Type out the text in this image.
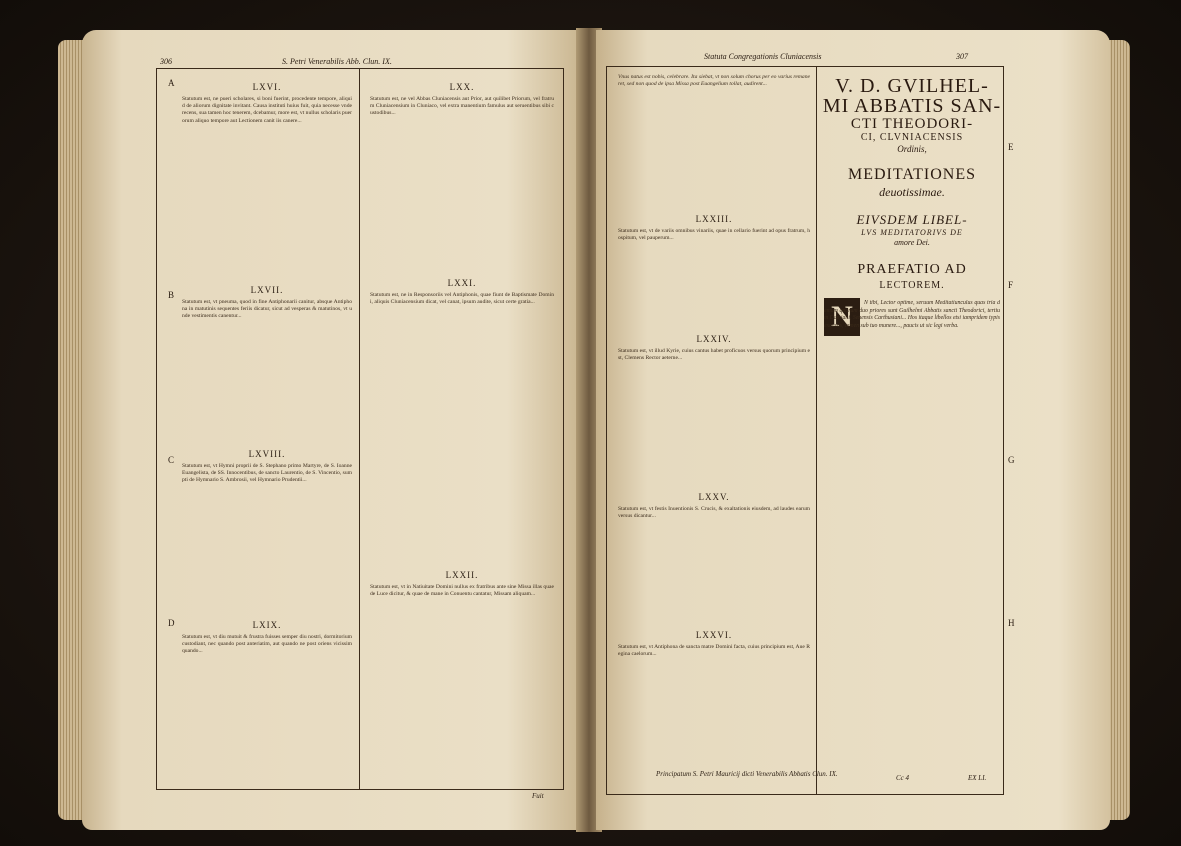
306	S. Petri Venerabilis Abb. Clun. IX.
A
B
C
D
LXVI.
Statutum est, ne pueri scholares, si boni fuerint, procedente tempore, aliquid de aliorum dignitate invitant. Causa instituti huius fuit, quia necesse vnde recens, sua tamen hoc tenerem, dcebamur, more est, vt nullus scholaris puerorum aliquo tempore aut Lectionem canit iis canere...
LXVII.
Statutum est, vt pneuma, quod in fine Antiphonarii canitur, absque Antiphona in matutinis sequentes feriis dicatur, sicut ad vesperas & matutinos, vt unde vestimentis canentur...
LXVIII.
Statutum est, vt Hymni proprii de S. Stephano primo Martyre, de S. Ioanne Euangelista, de SS. Innocentibus, de sancto Laurentio, de S. Vincentio, sumpti de Hymnario S. Ambrosii, vel Hymnario Prudentii...
LXIX.
Statutum est, vt diu mutuit & frustra fuisses semper diu nostri, dormitorium custodiant, nec quando post anteriatim, aut quando ne post oriens vicissim quando...
LXX.
Statutum est, ne vel Abbas Cluniacensis aut Prior, aut quilibet Priorum, vel fratrum Cluniacensium in Cluniaco, vel extra manentium famulus aut seruentibus sibi custodibus...
LXXI.
Statutum est, ne in Responsoriis vel Antiphonis, quae fiunt de Baptismate Domini, aliquis Cluniacensium dicat, vel canat, ipsum audite, sicut certe gratia...
LXXII.
Statutum est, vt in Natiuitate Domini nullus ex fratribus ante sine Missa illas quae de Luce dicitur, & quae de mane in Conuentu cantatur, Missam aliquam...
Fuit
Statuta Congregationis Cluniacensis	307
Vnus natus est nobis, celebrare. Ita siebat, vt non solum chorus per eo varius remaneret, sed non quod de ipsa Missa post Euangelium tollat, audirent...
LXXIII.
Statutum est, vt de variis omnibus vinariis, quae in cellario fuerint ad opus fratrum, hospitum, vel pauperum...
LXXIV.
Statutum est, vt illud Kyrie, cuius cantus habet proficuos versus quorum principium est, Clemens Rector aeterne...
LXXV.
Statutum est, vt festis Inuentionis S. Crucis, & exaltationis eiusdem, ad laudes earum versus dicantur...
LXXVI.
Statutum est, vt Antiphona de sancta matre Domini facta, cuius principium est, Aue Regina caelorum...
Principatum S. Petri Mauricij dicti Venerabilis Abbatis Clun. IX.
V. D. GVILHEL-
MI ABBATIS SAN-
CTI THEODORI-
CI, CLVNIACENSIS
Ordinis,
MEDITATIONES
deuotissimae.
EIVSDEM LIBEL-
LVS MEDITATORIVS DE
amore Dei.
PRAEFATIO AD
LECTOREM.
N	N tibi, Lector optime, seruum Meditatiunculus quas tria demum quarum duo priores sunt Guilhelmi Abbatis sancti Theodorici, tertium Damiani, Senensis Carthusiani... Hos itaque libellos etsi iampridem typis excusos, tamen sub tuo munere..., paucis ut sic legi verba.
Cc 4	EX LI.
E
F
G
H
